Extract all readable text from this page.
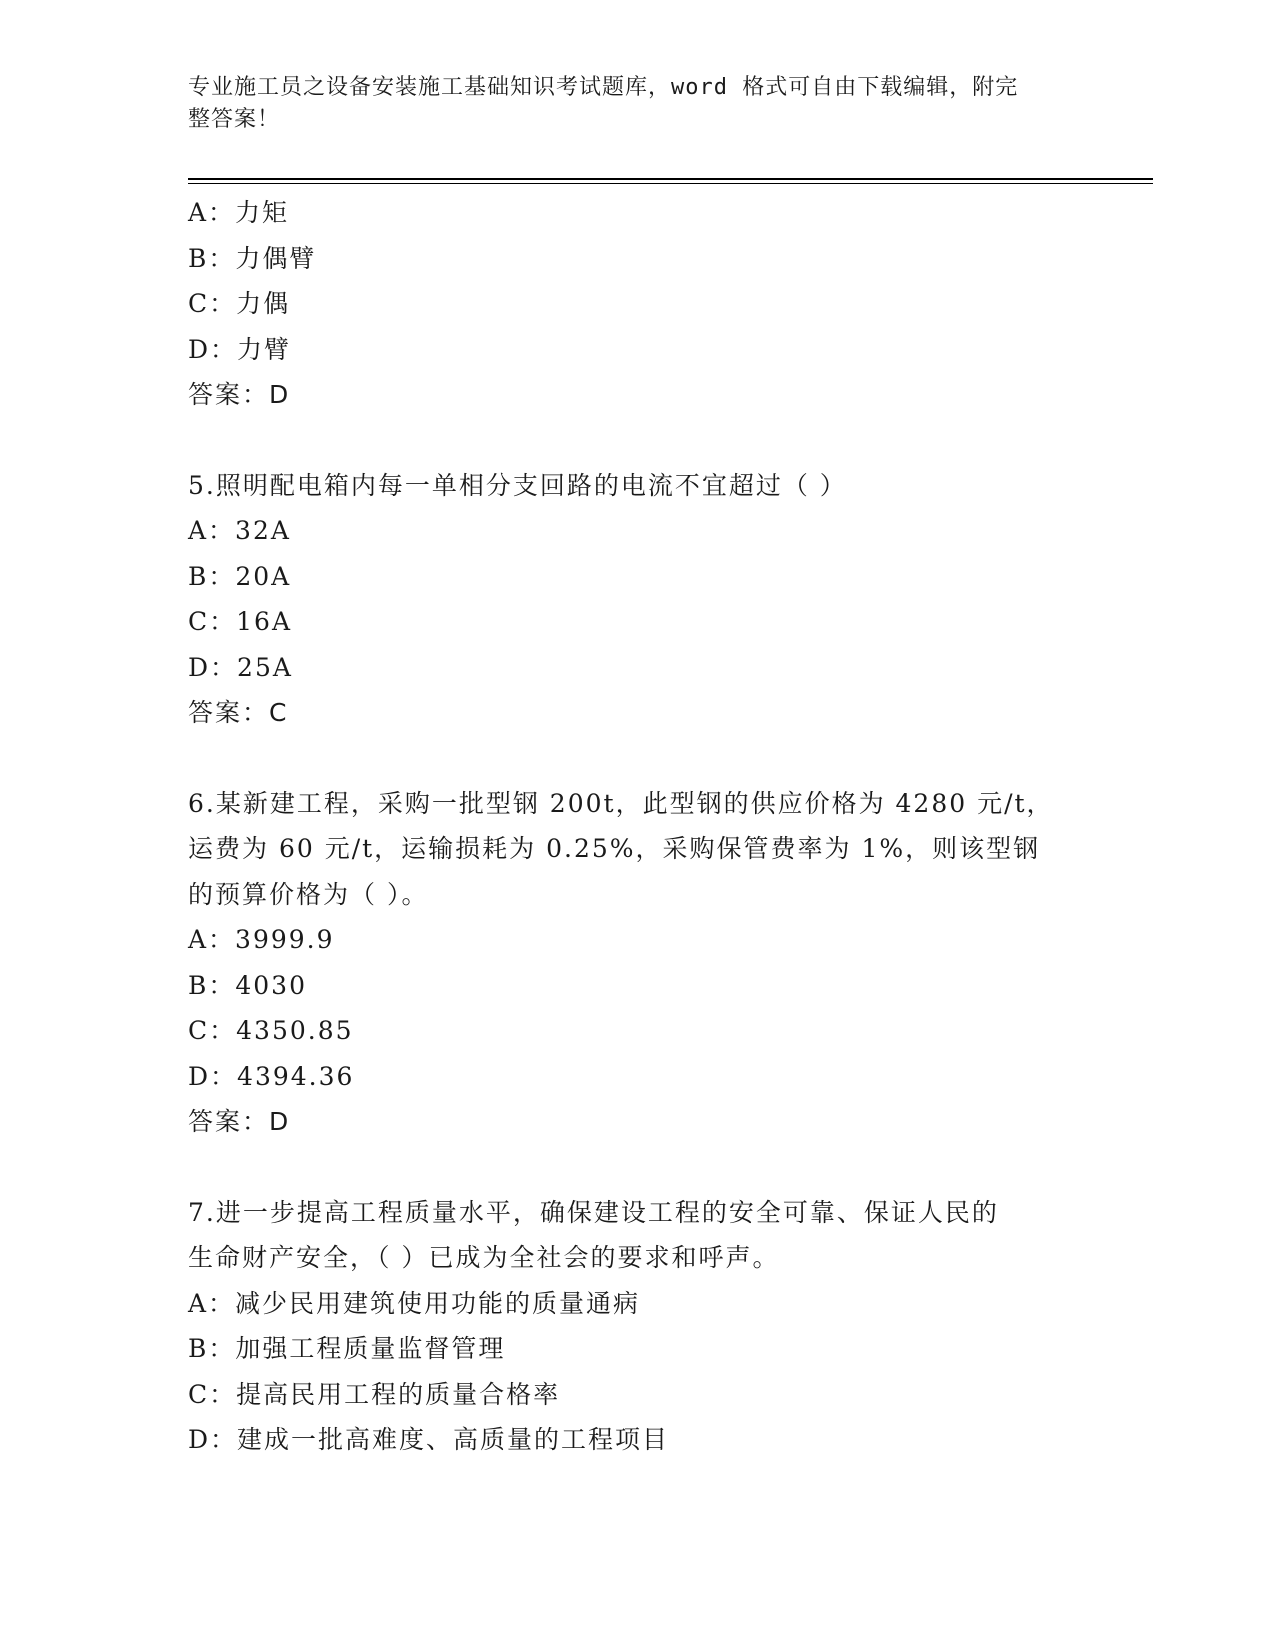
专业施工员之设备安装施工基础知识考试题库，word 格式可自由下载编辑，附完
整答案！
A：力矩
B：力偶臂
C：力偶
D：力臂
答案：D
5.照明配电箱内每一单相分支回路的电流不宜超过（ ）
A：32A
B：20A
C：16A
D：25A
答案：C
6.某新建工程，采购一批型钢 200t，此型钢的供应价格为 4280 元/t，
运费为 60 元/t，运输损耗为 0.25%，采购保管费率为 1%，则该型钢
的预算价格为（ ）。
A：3999.9
B：4030
C：4350.85
D：4394.36
答案：D
7.进一步提高工程质量水平，确保建设工程的安全可靠、保证人民的
生命财产安全，（ ）已成为全社会的要求和呼声。
A：减少民用建筑使用功能的质量通病
B：加强工程质量监督管理
C：提高民用工程的质量合格率
D：建成一批高难度、高质量的工程项目
